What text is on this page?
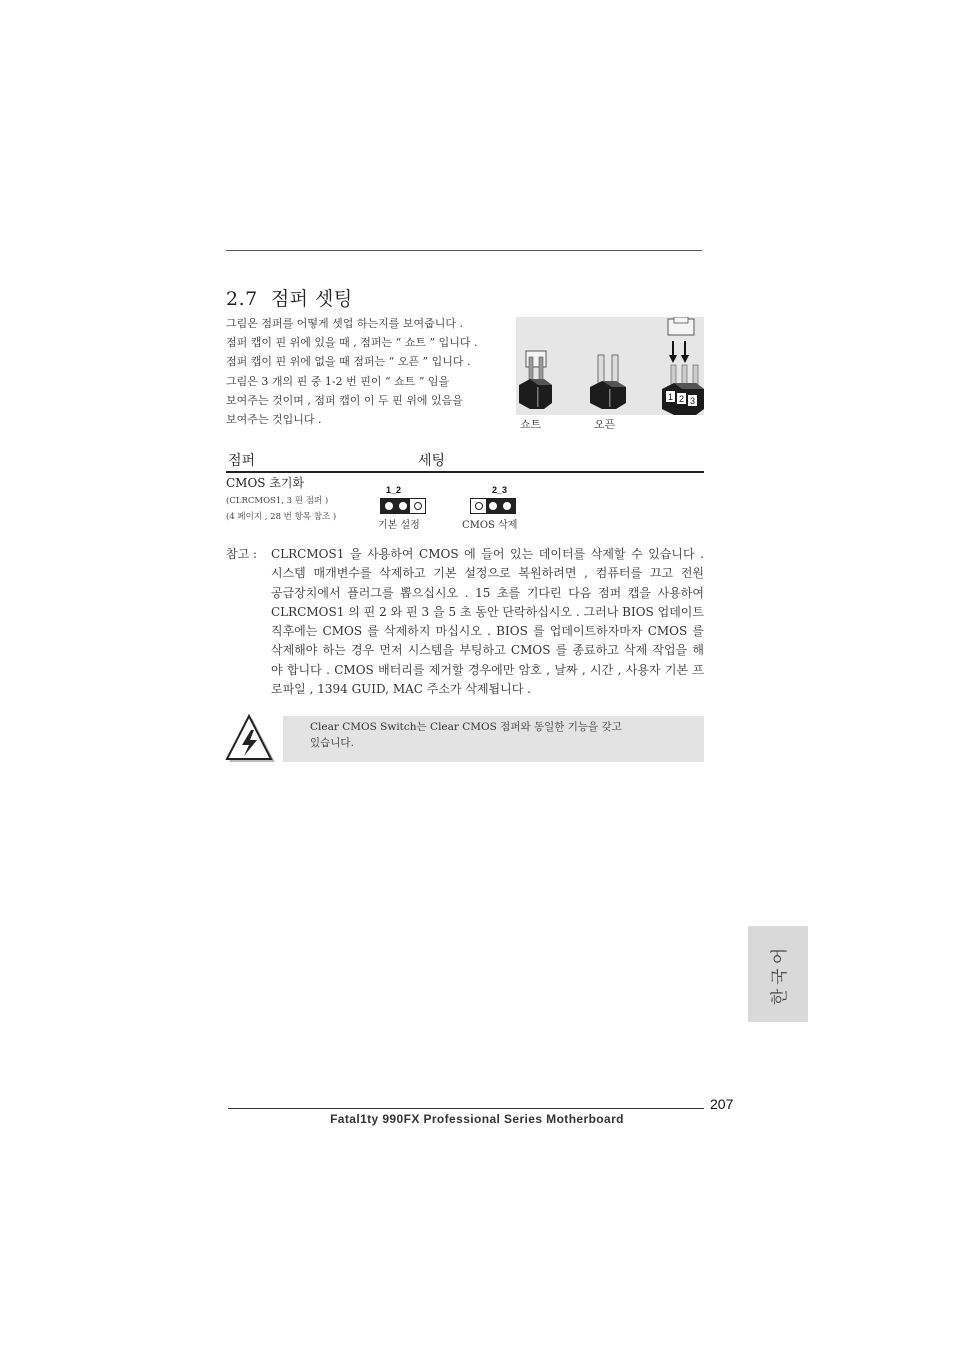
2.7 점퍼 셋팅
그림은 점퍼를 어떻게 셋업 하는지를 보여줍니다 .
점퍼 캡이 핀 위에 있을 때 , 점퍼는 “ 쇼트 ” 입니다 .
점퍼 캡이 핀 위에 없을 때 점퍼는 “ 오픈 ” 입니다 .
그림은 3 개의 핀 중 1-2 번 핀이 “ 쇼트 ” 임을
보여주는 것이며 , 점퍼 캡이 이 두 핀 위에 있음을
보여주는 것입니다 .
1 2 3
쇼트	오픈
점퍼	세팅
CMOS 초기화
(CLRCMOS1, 3 핀 점퍼 )
(4 페이지 , 28 번 항목 참조 )
1_2
기본 설정
2_3
CMOS 삭제
참고 : CLRCMOS1 을 사용하여 CMOS 에 들어 있는 데이터를 삭제할 수 있습니다 .
시스템 매개변수를 삭제하고 기본 설정으로 복원하려면 , 컴퓨터를 끄고 전원
공급장치에서 플러그를 뽑으십시오 . 15 초를 기다린 다음 점퍼 캡을 사용하여
CLRCMOS1 의 핀 2 와 핀 3 을 5 초 동안 단락하십시오 . 그러나 BIOS 업데이트
직후에는 CMOS 를 삭제하지 마십시오 . BIOS 를 업데이트하자마자 CMOS 를
삭제해야 하는 경우 먼저 시스템을 부팅하고 CMOS 를 종료하고 삭제 작업을 해
야 합니다 . CMOS 배터리를 제거할 경우에만 암호 , 날짜 , 시간 , 사용자 기본 프
로파일 , 1394 GUID, MAC 주소가 삭제됩니다 .
Clear CMOS Switch는 Clear CMOS 점퍼와 동일한 기능을 갖고
있습니다.
한국어
207
Fatal1ty 990FX Professional Series Motherboard
